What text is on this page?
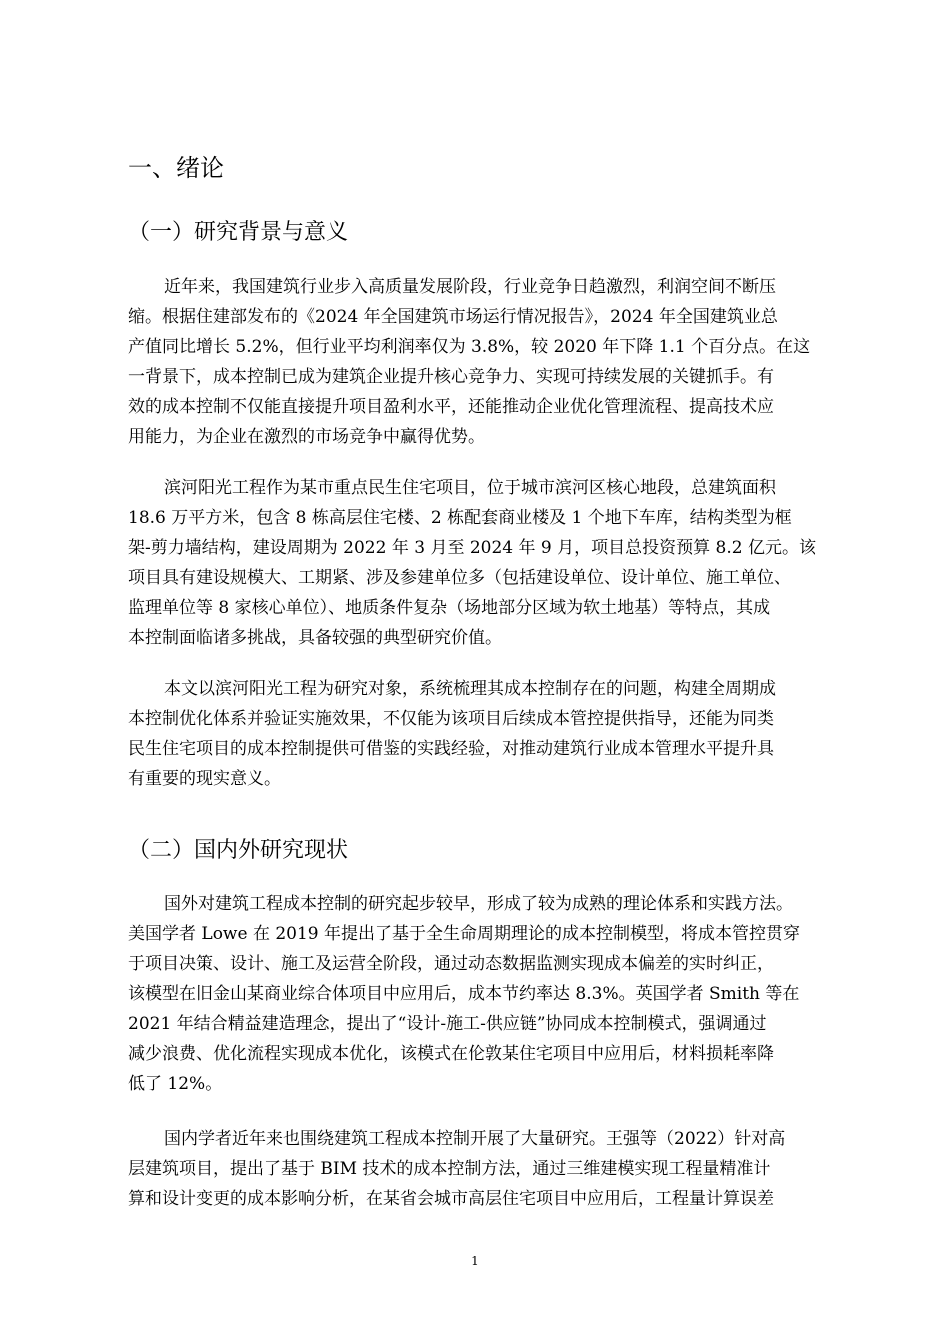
一、绪论
（一）研究背景与意义
近年来，我国建筑行业步入高质量发展阶段，行业竞争日趋激烈，利润空间不断压
缩。根据住建部发布的《2024 年全国建筑市场运行情况报告》，2024 年全国建筑业总
产值同比增长 5.2%，但行业平均利润率仅为 3.8%，较 2020 年下降 1.1 个百分点。在这
一背景下，成本控制已成为建筑企业提升核心竞争力、实现可持续发展的关键抓手。有
效的成本控制不仅能直接提升项目盈利水平，还能推动企业优化管理流程、提高技术应
用能力，为企业在激烈的市场竞争中赢得优势。
滨河阳光工程作为某市重点民生住宅项目，位于城市滨河区核心地段，总建筑面积
18.6 万平方米，包含 8 栋高层住宅楼、2 栋配套商业楼及 1 个地下车库，结构类型为框
架-剪力墙结构，建设周期为 2022 年 3 月至 2024 年 9 月，项目总投资预算 8.2 亿元。该
项目具有建设规模大、工期紧、涉及参建单位多（包括建设单位、设计单位、施工单位、
监理单位等 8 家核心单位）、地质条件复杂（场地部分区域为软土地基）等特点，其成
本控制面临诸多挑战，具备较强的典型研究价值。
本文以滨河阳光工程为研究对象，系统梳理其成本控制存在的问题，构建全周期成
本控制优化体系并验证实施效果，不仅能为该项目后续成本管控提供指导，还能为同类
民生住宅项目的成本控制提供可借鉴的实践经验，对推动建筑行业成本管理水平提升具
有重要的现实意义。
（二）国内外研究现状
国外对建筑工程成本控制的研究起步较早，形成了较为成熟的理论体系和实践方法。
美国学者 Lowe 在 2019 年提出了基于全生命周期理论的成本控制模型，将成本管控贯穿
于项目决策、设计、施工及运营全阶段，通过动态数据监测实现成本偏差的实时纠正，
该模型在旧金山某商业综合体项目中应用后，成本节约率达 8.3%。英国学者 Smith 等在
2021 年结合精益建造理念，提出了“设计-施工-供应链”协同成本控制模式，强调通过
减少浪费、优化流程实现成本优化，该模式在伦敦某住宅项目中应用后，材料损耗率降
低了 12%。
国内学者近年来也围绕建筑工程成本控制开展了大量研究。王强等（2022）针对高
层建筑项目，提出了基于 BIM 技术的成本控制方法，通过三维建模实现工程量精准计
算和设计变更的成本影响分析，在某省会城市高层住宅项目中应用后，工程量计算误差
1
